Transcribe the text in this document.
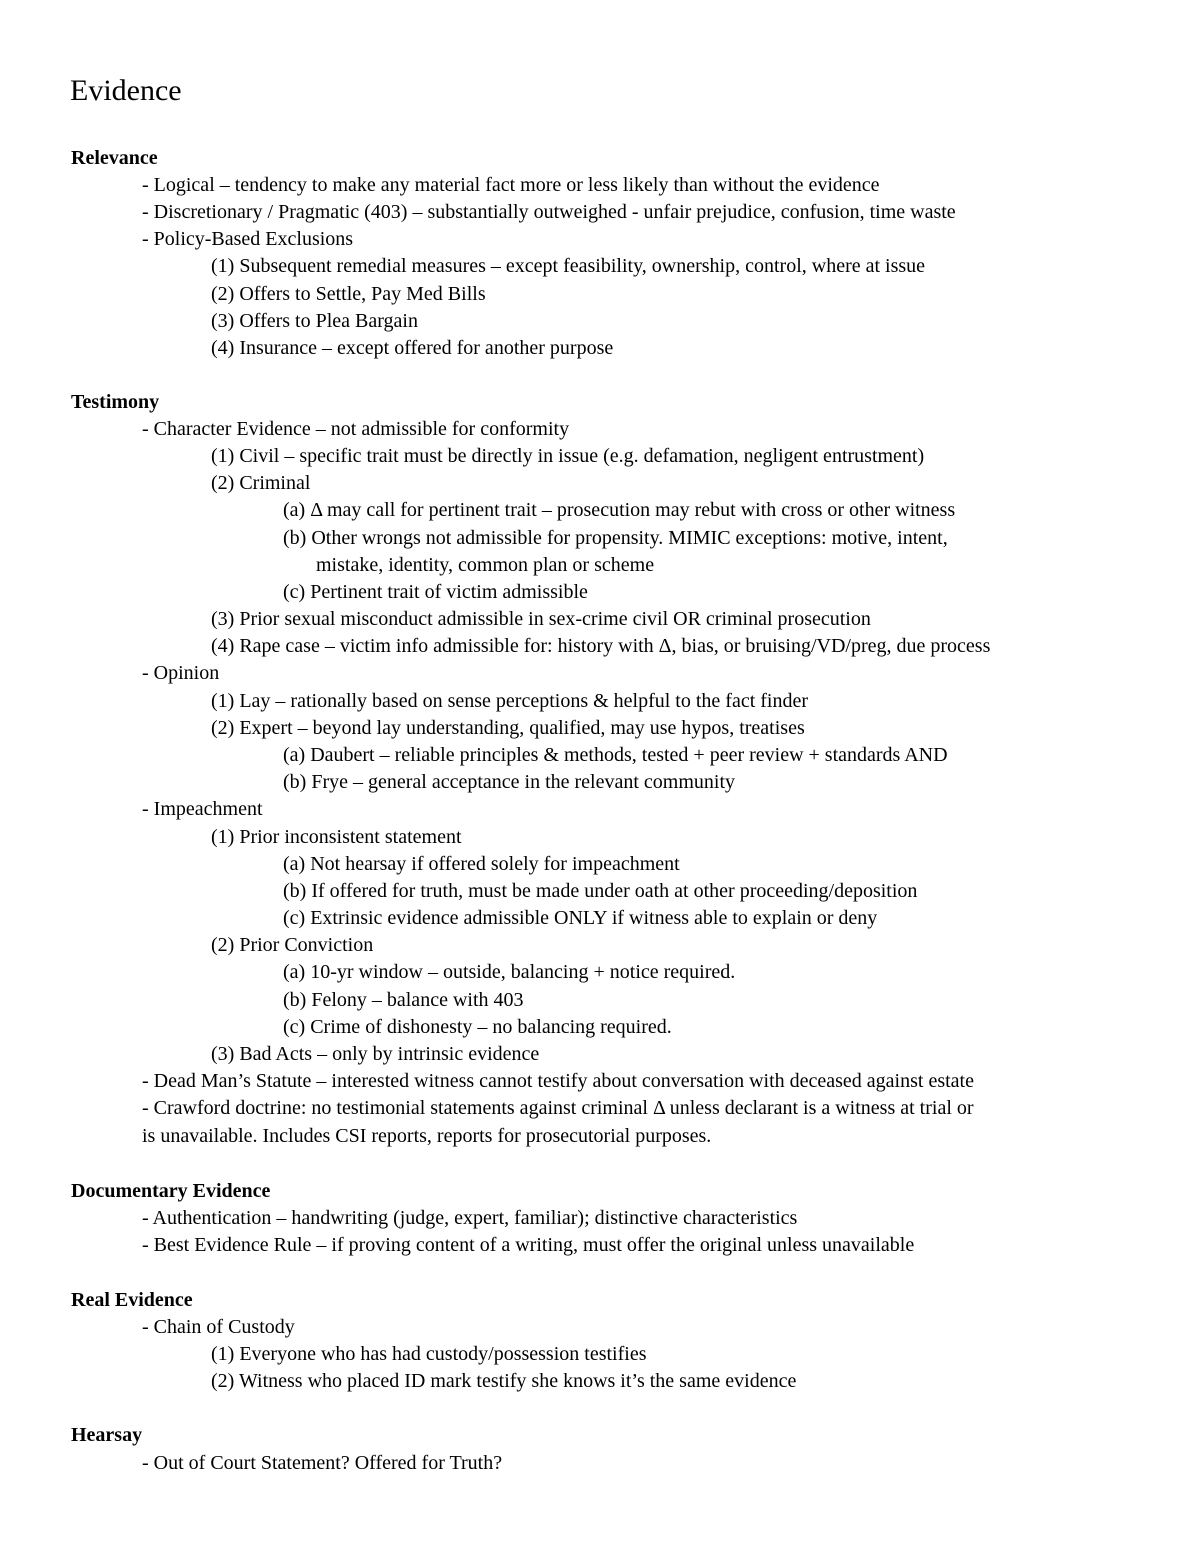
Evidence
Relevance
- Logical – tendency to make any material fact more or less likely than without the evidence
- Discretionary / Pragmatic (403) – substantially outweighed - unfair prejudice, confusion, time waste
- Policy-Based Exclusions
(1) Subsequent remedial measures – except feasibility, ownership, control, where at issue
(2) Offers to Settle, Pay Med Bills
(3) Offers to Plea Bargain
(4) Insurance – except offered for another purpose
Testimony
- Character Evidence – not admissible for conformity
(1) Civil – specific trait must be directly in issue (e.g. defamation, negligent entrustment)
(2) Criminal
(a) Δ may call for pertinent trait – prosecution may rebut with cross or other witness
(b) Other wrongs not admissible for propensity. MIMIC exceptions: motive, intent,
mistake, identity, common plan or scheme
(c) Pertinent trait of victim admissible
(3) Prior sexual misconduct admissible in sex-crime civil OR criminal prosecution
(4) Rape case – victim info admissible for: history with Δ, bias, or bruising/VD/preg, due process
- Opinion
(1) Lay – rationally based on sense perceptions & helpful to the fact finder
(2) Expert – beyond lay understanding, qualified, may use hypos, treatises
(a) Daubert – reliable principles & methods, tested + peer review + standards AND
(b) Frye – general acceptance in the relevant community
- Impeachment
(1) Prior inconsistent statement
(a) Not hearsay if offered solely for impeachment
(b) If offered for truth, must be made under oath at other proceeding/deposition
(c) Extrinsic evidence admissible ONLY if witness able to explain or deny
(2) Prior Conviction
(a) 10-yr window – outside, balancing + notice required.
(b) Felony – balance with 403
(c) Crime of dishonesty – no balancing required.
(3) Bad Acts – only by intrinsic evidence
- Dead Man’s Statute – interested witness cannot testify about conversation with deceased against estate
- Crawford doctrine: no testimonial statements against criminal Δ unless declarant is a witness at trial or
is unavailable. Includes CSI reports, reports for prosecutorial purposes.
Documentary Evidence
- Authentication – handwriting (judge, expert, familiar); distinctive characteristics
- Best Evidence Rule – if proving content of a writing, must offer the original unless unavailable
Real Evidence
- Chain of Custody
(1) Everyone who has had custody/possession testifies
(2) Witness who placed ID mark testify she knows it’s the same evidence
Hearsay
- Out of Court Statement? Offered for Truth?
